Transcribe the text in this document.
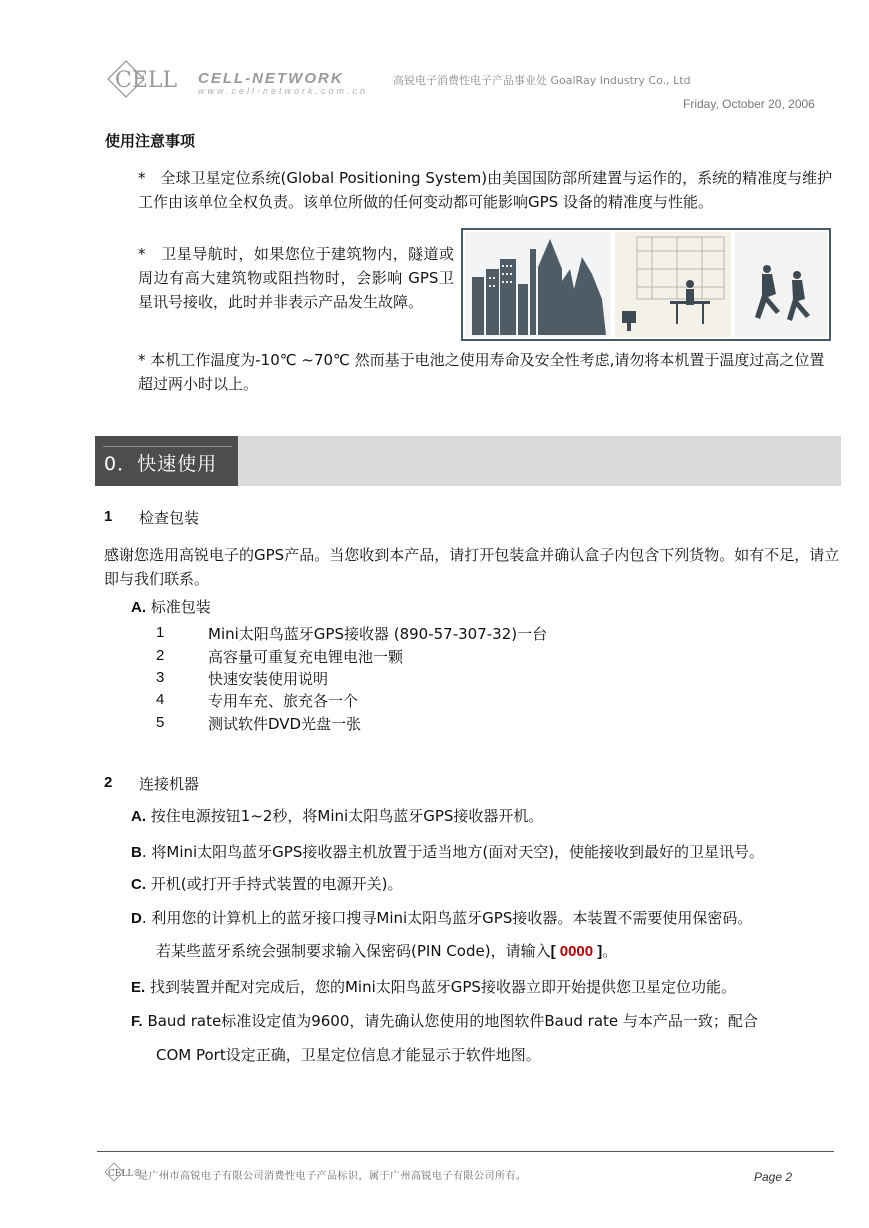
CELL CELL-NETWORK
www.cell-network.com.cn
高锐电子消费性电子产品事业处 GoalRay Industry Co., Ltd
Friday, October 20, 2006
使用注意事项
*　全球卫星定位系统(Global Positioning System)由美国国防部所建置与运作的，系统的精准度与维护工作由该单位全权负责。该单位所做的任何变动都可能影响GPS 设备的精准度与性能。
*　卫星导航时，如果您位于建筑物内，隧道或周边有高大建筑物或阻挡物时，会影响 GPS卫星讯号接收，此时并非表示产品发生故障。
* 本机工作温度为-10℃ ~70℃ 然而基于电池之使用寿命及安全性考虑,请勿将本机置于温度过高之位置超过两小时以上。
0．快速使用
1 检查包装
感谢您选用高锐电子的GPS产品。当您收到本产品，请打开包装盒并确认盒子内包含下列货物。如有不足，请立即与我们联系。
A. 标准包装
1	Mini太阳鸟蓝牙GPS接收器 (890-57-307-32)一台
2	高容量可重复充电锂电池一颗
3	快速安装使用说明
4	专用车充、旅充各一个
5	测试软件DVD光盘一张
2 连接机器
A. 按住电源按钮1~2秒，将Mini太阳鸟蓝牙GPS接收器开机。
B. 将Mini太阳鸟蓝牙GPS接收器主机放置于适当地方(面对天空)，使能接收到最好的卫星讯号。
C. 开机(或打开手持式装置的电源开关)。
D. 利用您的计算机上的蓝牙接口搜寻Mini太阳鸟蓝牙GPS接收器。本装置不需要使用保密码。
若某些蓝牙系统会强制要求输入保密码(PIN Code)，请输入[ 0000 ]。
E. 找到装置并配对完成后，您的Mini太阳鸟蓝牙GPS接收器立即开始提供您卫星定位功能。
F. Baud rate标准设定值为9600，请先确认您使用的地图软件Baud rate 与本产品一致；配合
COM Port设定正确，卫星定位信息才能显示于软件地图。
CELL®
是广州市高锐电子有限公司消费性电子产品标识，属于广州高锐电子有限公司所有。	Page 2
